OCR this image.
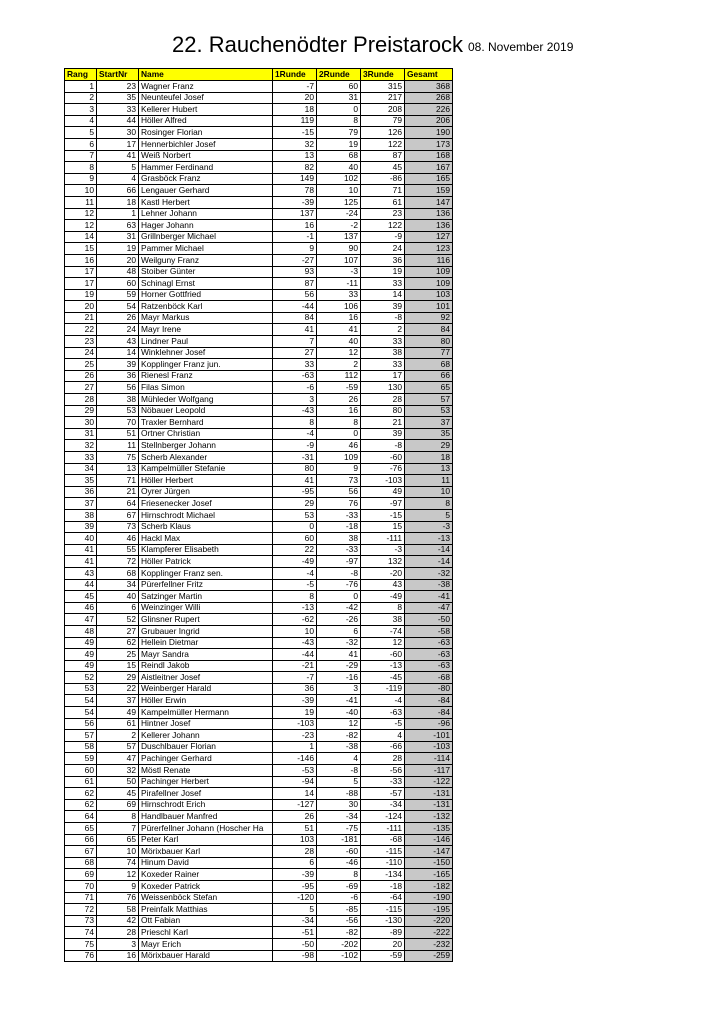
22. Rauchenödter Preistarock 08. November 2019
Rang	StartNr	Name	1Runde	2Runde	3Runde	Gesamt
1	23	Wagner Franz	-7	60	315	368
2	35	Neunteufel Josef	20	31	217	268
3	33	Kellerer Hubert	18	0	208	226
4	44	Höller Alfred	119	8	79	206
5	30	Rosinger Florian	-15	79	126	190
6	17	Hennerbichler Josef	32	19	122	173
7	41	Weiß Norbert	13	68	87	168
8	5	Hammer Ferdinand	82	40	45	167
9	4	Grasböck Franz	149	102	-86	165
10	66	Lengauer Gerhard	78	10	71	159
11	18	Kastl Herbert	-39	125	61	147
12	1	Lehner Johann	137	-24	23	136
12	63	Hager Johann	16	-2	122	136
14	31	Grillnberger Michael	-1	137	-9	127
15	19	Pammer Michael	9	90	24	123
16	20	Weilguny Franz	-27	107	36	116
17	48	Stoiber Günter	93	-3	19	109
17	60	Schinagl Ernst	87	-11	33	109
19	59	Horner Gottfried	56	33	14	103
20	54	Ratzenböck Karl	-44	106	39	101
21	26	Mayr Markus	84	16	-8	92
22	24	Mayr Irene	41	41	2	84
23	43	Lindner Paul	7	40	33	80
24	14	Winklehner Josef	27	12	38	77
25	39	Kopplinger Franz jun.	33	2	33	68
26	36	Rienesl Franz	-63	112	17	66
27	56	Filas Simon	-6	-59	130	65
28	38	Mühleder Wolfgang	3	26	28	57
29	53	Nöbauer Leopold	-43	16	80	53
30	70	Traxler Bernhard	8	8	21	37
31	51	Ortner Christian	-4	0	39	35
32	11	Stellnberger Johann	-9	46	-8	29
33	75	Scherb Alexander	-31	109	-60	18
34	13	Kampelmüller Stefanie	80	9	-76	13
35	71	Höller Herbert	41	73	-103	11
36	21	Oyrer Jürgen	-95	56	49	10
37	64	Friesenecker Josef	29	76	-97	8
38	67	Hirnschrodt Michael	53	-33	-15	5
39	73	Scherb Klaus	0	-18	15	-3
40	46	Hackl Max	60	38	-111	-13
41	55	Klampferer Elisabeth	22	-33	-3	-14
41	72	Höller Patrick	-49	-97	132	-14
43	68	Kopplinger Franz sen.	-4	-8	-20	-32
44	34	Pürerfellner Fritz	-5	-76	43	-38
45	40	Satzinger Martin	8	0	-49	-41
46	6	Weinzinger Willi	-13	-42	8	-47
47	52	Glinsner Rupert	-62	-26	38	-50
48	27	Grubauer Ingrid	10	6	-74	-58
49	62	Hellein Dietmar	-43	-32	12	-63
49	25	Mayr Sandra	-44	41	-60	-63
49	15	Reindl Jakob	-21	-29	-13	-63
52	29	Aistleitner Josef	-7	-16	-45	-68
53	22	Weinberger Harald	36	3	-119	-80
54	37	Höller Erwin	-39	-41	-4	-84
54	49	Kampelmüller Hermann	19	-40	-63	-84
56	61	Hintner Josef	-103	12	-5	-96
57	2	Kellerer Johann	-23	-82	4	-101
58	57	Duschlbauer Florian	1	-38	-66	-103
59	47	Pachinger Gerhard	-146	4	28	-114
60	32	Möstl Renate	-53	-8	-56	-117
61	50	Pachinger Herbert	-94	5	-33	-122
62	45	Pirafellner Josef	14	-88	-57	-131
62	69	Hirnschrodt Erich	-127	30	-34	-131
64	8	Handlbauer Manfred	26	-34	-124	-132
65	7	Pürerfellner Johann (Hoscher Ha	51	-75	-111	-135
66	65	Peter Karl	103	-181	-68	-146
67	10	Mörixbauer Karl	28	-60	-115	-147
68	74	Hinum David	6	-46	-110	-150
69	12	Koxeder Rainer	-39	8	-134	-165
70	9	Koxeder Patrick	-95	-69	-18	-182
71	76	Weissenböck Stefan	-120	-6	-64	-190
72	58	Preinfalk Matthias	5	-85	-115	-195
73	42	Ott Fabian	-34	-56	-130	-220
74	28	Prieschl Karl	-51	-82	-89	-222
75	3	Mayr Erich	-50	-202	20	-232
76	16	Mörixbauer Harald	-98	-102	-59	-259
